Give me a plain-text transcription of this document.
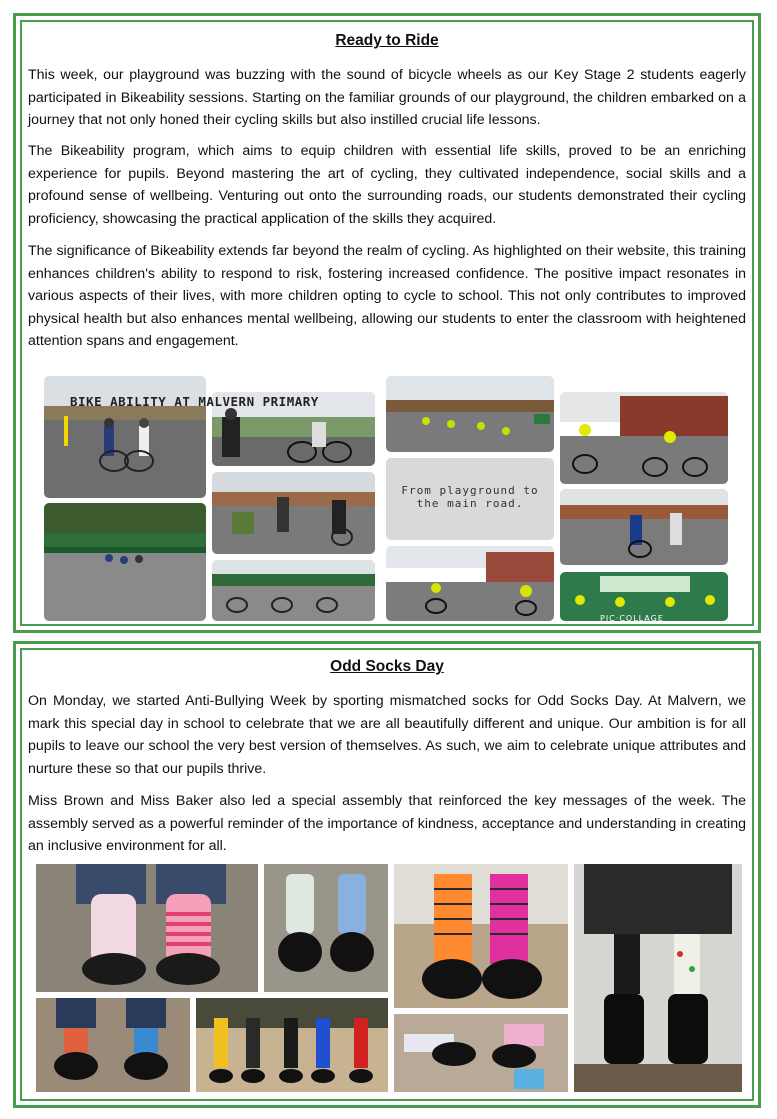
Ready to Ride

This week, our playground was buzzing with the sound of bicycle wheels as our Key Stage 2 students eagerly participated in Bikeability sessions. Starting on the familiar grounds of our playground, the children embarked on a journey that not only honed their cycling skills but also instilled crucial life lessons.

The Bikeability program, which aims to equip children with essential life skills, proved to be an enriching experience for pupils. Beyond mastering the art of cycling, they cultivated independence, social skills and a profound sense of wellbeing. Venturing out onto the surrounding roads, our students demonstrated their cycling proficiency, showcasing the practical application of the skills they acquired.

The significance of Bikeability extends far beyond the realm of cycling. As highlighted on their website, this training enhances children's ability to respond to risk, fostering increased confidence. The positive impact resonates in various aspects of their lives, with more children opting to cycle to school. This not only contributes to improved physical health but also enhances mental wellbeing, allowing our students to enter the classroom with heightened attention spans and engagement.

BIKE ABILITY AT MALVERN PRIMARY
From playground to the main road.
PIC·COLLAGE
Odd Socks Day

On Monday, we started Anti-Bullying Week by sporting mismatched socks for Odd Socks Day. At Malvern, we mark this special day in school to celebrate that we are all beautifully different and unique. Our ambition is for all pupils to leave our school the very best version of themselves. As such, we aim to celebrate unique attributes and nurture these so that our pupils thrive.

Miss Brown and Miss Baker also led a special assembly that reinforced the key messages of the week. The assembly served as a powerful reminder of the importance of kindness, acceptance and understanding in creating an inclusive environment for all.
